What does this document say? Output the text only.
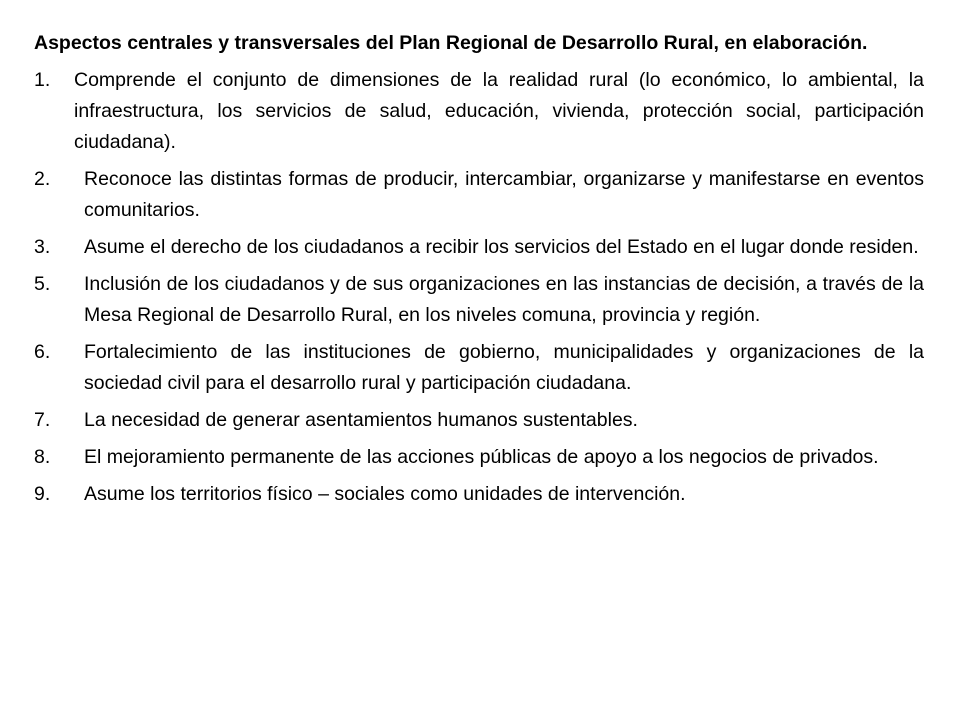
Aspectos centrales y transversales del Plan Regional de Desarrollo Rural, en elaboración.
1.	Comprende el conjunto de dimensiones de la realidad rural (lo económico, lo ambiental, la infraestructura, los servicios de salud, educación, vivienda, protección social, participación ciudadana).
2.	Reconoce las distintas formas de producir, intercambiar, organizarse y manifestarse en eventos comunitarios.
3.	Asume el derecho de los ciudadanos a recibir los servicios del Estado en el lugar donde residen.
5.	Inclusión de los ciudadanos y de sus organizaciones en las instancias de decisión, a través de la Mesa Regional de Desarrollo Rural, en los niveles comuna, provincia y región.
6.	Fortalecimiento de las instituciones de gobierno, municipalidades y organizaciones de la sociedad civil para el desarrollo rural y participación ciudadana.
7.	La necesidad de generar asentamientos humanos sustentables.
8.	El mejoramiento permanente de las acciones públicas de apoyo a los negocios de privados.
9.	Asume los territorios físico – sociales como unidades de intervención.
